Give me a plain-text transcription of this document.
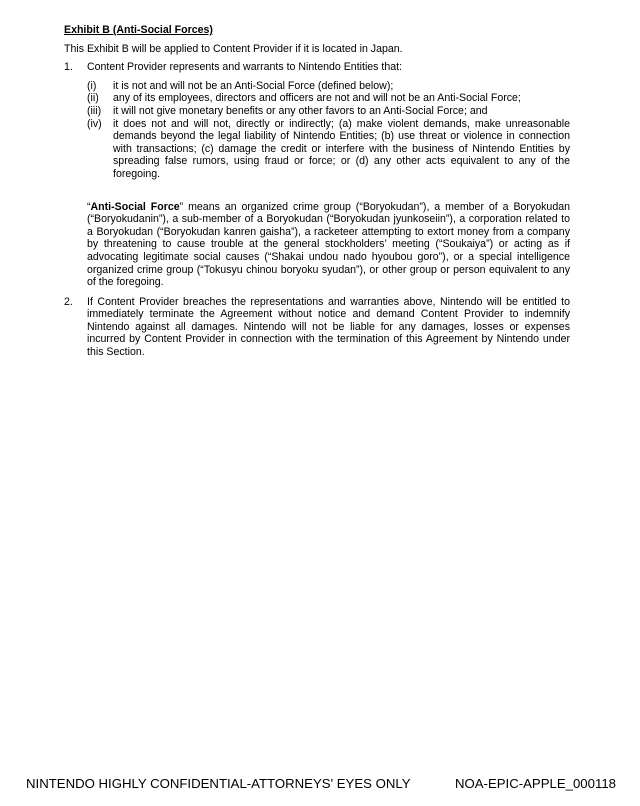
Exhibit B (Anti-Social Forces)
This Exhibit B will be applied to Content Provider if it is located in Japan.
1. Content Provider represents and warrants to Nintendo Entities that:
(i) it is not and will not be an Anti-Social Force (defined below);
(ii) any of its employees, directors and officers are not and will not be an Anti-Social Force;
(iii) it will not give monetary benefits or any other favors to an Anti-Social Force; and
(iv) it does not and will not, directly or indirectly; (a) make violent demands, make unreasonable demands beyond the legal liability of Nintendo Entities; (b) use threat or violence in connection with transactions; (c) damage the credit or interfere with the business of Nintendo Entities by spreading false rumors, using fraud or force; or (d) any other acts equivalent to any of the foregoing.
“Anti-Social Force” means an organized crime group (“Boryokudan”), a member of a Boryokudan (“Boryokudanin”), a sub-member of a Boryokudan (“Boryokudan jyunkoseiin”), a corporation related to a Boryokudan (“Boryokudan kanren gaisha”), a racketeer attempting to extort money from a company by threatening to cause trouble at the general stockholders’ meeting (“Soukaiya”) or acting as if advocating legitimate social causes (“Shakai undou nado hyoubou goro”), or a special intelligence organized crime group (“Tokusyu chinou boryoku syudan”), or other group or person equivalent to any of the foregoing.
2. If Content Provider breaches the representations and warranties above, Nintendo will be entitled to immediately terminate the Agreement without notice and demand Content Provider to indemnify Nintendo against all damages. Nintendo will not be liable for any damages, losses or expenses incurred by Content Provider in connection with the termination of this Agreement by Nintendo under this Section.
NINTENDO HIGHLY CONFIDENTIAL-ATTORNEYS' EYES ONLY	NOA-EPIC-APPLE_000118
